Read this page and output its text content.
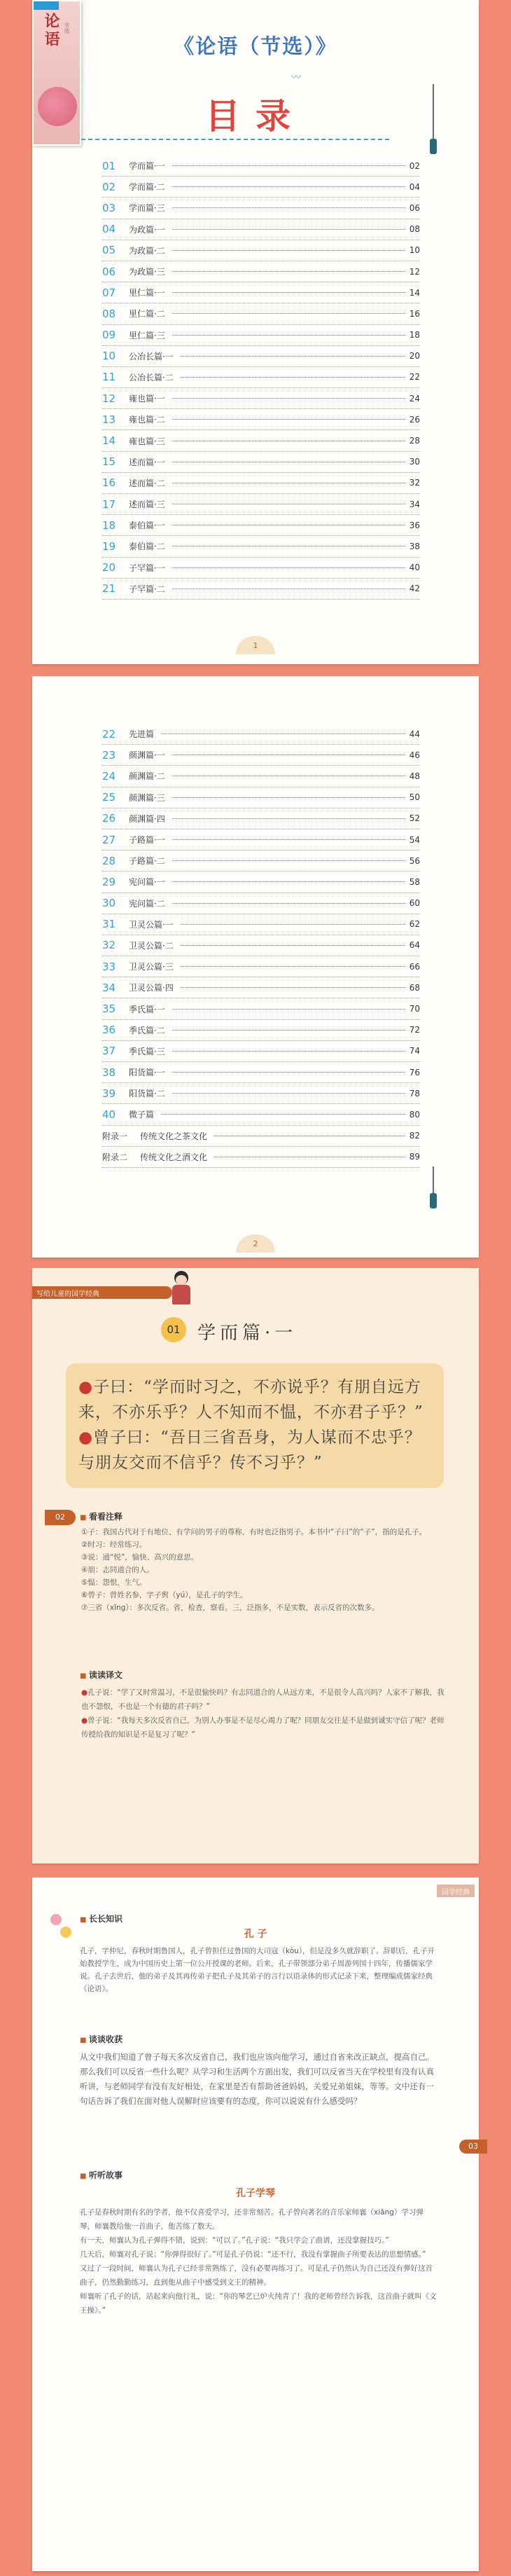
论语 节选
《论语（节选）》
〰
目录
01	学而篇·一	02
02	学而篇·二	04
03	学而篇·三	06
04	为政篇·一	08
05	为政篇·二	10
06	为政篇·三	12
07	里仁篇·一	14
08	里仁篇·二	16
09	里仁篇·三	18
10	公冶长篇·一	20
11	公冶长篇·二	22
12	雍也篇·一	24
13	雍也篇·二	26
14	雍也篇·三	28
15	述而篇·一	30
16	述而篇·二	32
17	述而篇·三	34
18	泰伯篇·一	36
19	泰伯篇·二	38
20	子罕篇·一	40
21	子罕篇·二	42
1
22	先进篇	44
23	颜渊篇·一	46
24	颜渊篇·二	48
25	颜渊篇·三	50
26	颜渊篇·四	52
27	子路篇·一	54
28	子路篇·二	56
29	宪问篇·一	58
30	宪问篇·二	60
31	卫灵公篇·一	62
32	卫灵公篇·二	64
33	卫灵公篇·三	66
34	卫灵公篇·四	68
35	季氏篇·一	70
36	季氏篇·二	72
37	季氏篇·三	74
38	阳货篇·一	76
39	阳货篇·二	78
40	微子篇	80
附录一	传统文化之茶文化	82
附录二	传统文化之酒文化	89
2
写给儿童的国学经典
01 学而篇·一

●子曰：“学而时习之，不亦说乎？有朋自远方来，不亦乐乎？人不知而不愠，不亦君子乎？”

●曾子曰：“吾日三省吾身，为人谋而不忠乎？与朋友交而不信乎？传不习乎？”

02
■	看看注释
①子：我国古代对于有地位、有学问的男子的尊称，有时也泛指男子。本书中“子曰”的“子”，指的是孔子。
②时习：经常练习。
③说：通“悦”，愉快、高兴的意思。
④朋：志同道合的人。
⑤愠：怨恨，生气。
⑥曾子：曾姓名参，字子舆（yú），是孔子的学生。
⑦三省（xǐng）：多次反省。省，检查，察看。三，泛指多，不是实数，表示反省的次数多。
■ 读读译文
●孔子说：“学了又时常温习，不是很愉快吗？有志同道合的人从远方来，不是很令人高兴吗？人家不了解我，我也不怨恨，不也是一个有德的君子吗？”
●曾子说：“我每天多次反省自己，为别人办事是不是尽心竭力了呢？同朋友交往是不是做到诚实守信了呢？老师传授给我的知识是不是复习了呢？”
国学经典
■ 长长知识
孔 子
孔子，字仲尼，春秋时期鲁国人，孔子曾担任过鲁国的大司寇（kòu），但是没多久就辞职了。辞职后，孔子开始教授学生，成为中国历史上第一位公开授课的老师。后来，孔子带领部分弟子周游列国十四年，传播儒家学说。孔子去世后，他的弟子及其再传弟子把孔子及其弟子的言行以语录体的形式记录下来，整理编成儒家经典《论语》。
■ 谈谈收获
从文中我们知道了曾子每天多次反省自己，我们也应该向他学习，通过自省来改正缺点，提高自己。那么我们可以反省一些什么呢？从学习和生活两个方面出发，我们可以反省当天在学校里有没有认真听讲，与老师同学有没有友好相处，在家里是否有帮助爸爸妈妈，关爱兄弟姐妹，等等。文中还有一句话告诉了我们在面对他人误解时应该要有的态度，你可以说说有什么感受吗？
03
■ 听听故事
孔子学琴
孔子是春秋时期有名的学者，他不仅喜爱学习，还非常刻苦。孔子曾向著名的音乐家师襄（xiāng）学习弹琴，师襄教给他一首曲子，他苦练了数天。
有一天，师襄认为孔子弹得不错，说到：“可以了。”孔子说：“我只学会了曲谱，还没掌握技巧。”
几天后，师襄对孔子说：“你弹得很好了。”可是孔子仍说：“还不行，我没有掌握曲子所要表达的思想情感。”
又过了一段时间，师襄认为孔子已经非常熟练了，没有必要再练习了。可是孔子仍然认为自己还没有弹好这首曲子，仍然勤勤练习，直到他从曲子中感受到文王的精神。
师襄听了孔子的话，站起来向他行礼，说：“你的琴艺已炉火纯青了！我的老师曾经告诉我，这首曲子就叫《文王操》。”
